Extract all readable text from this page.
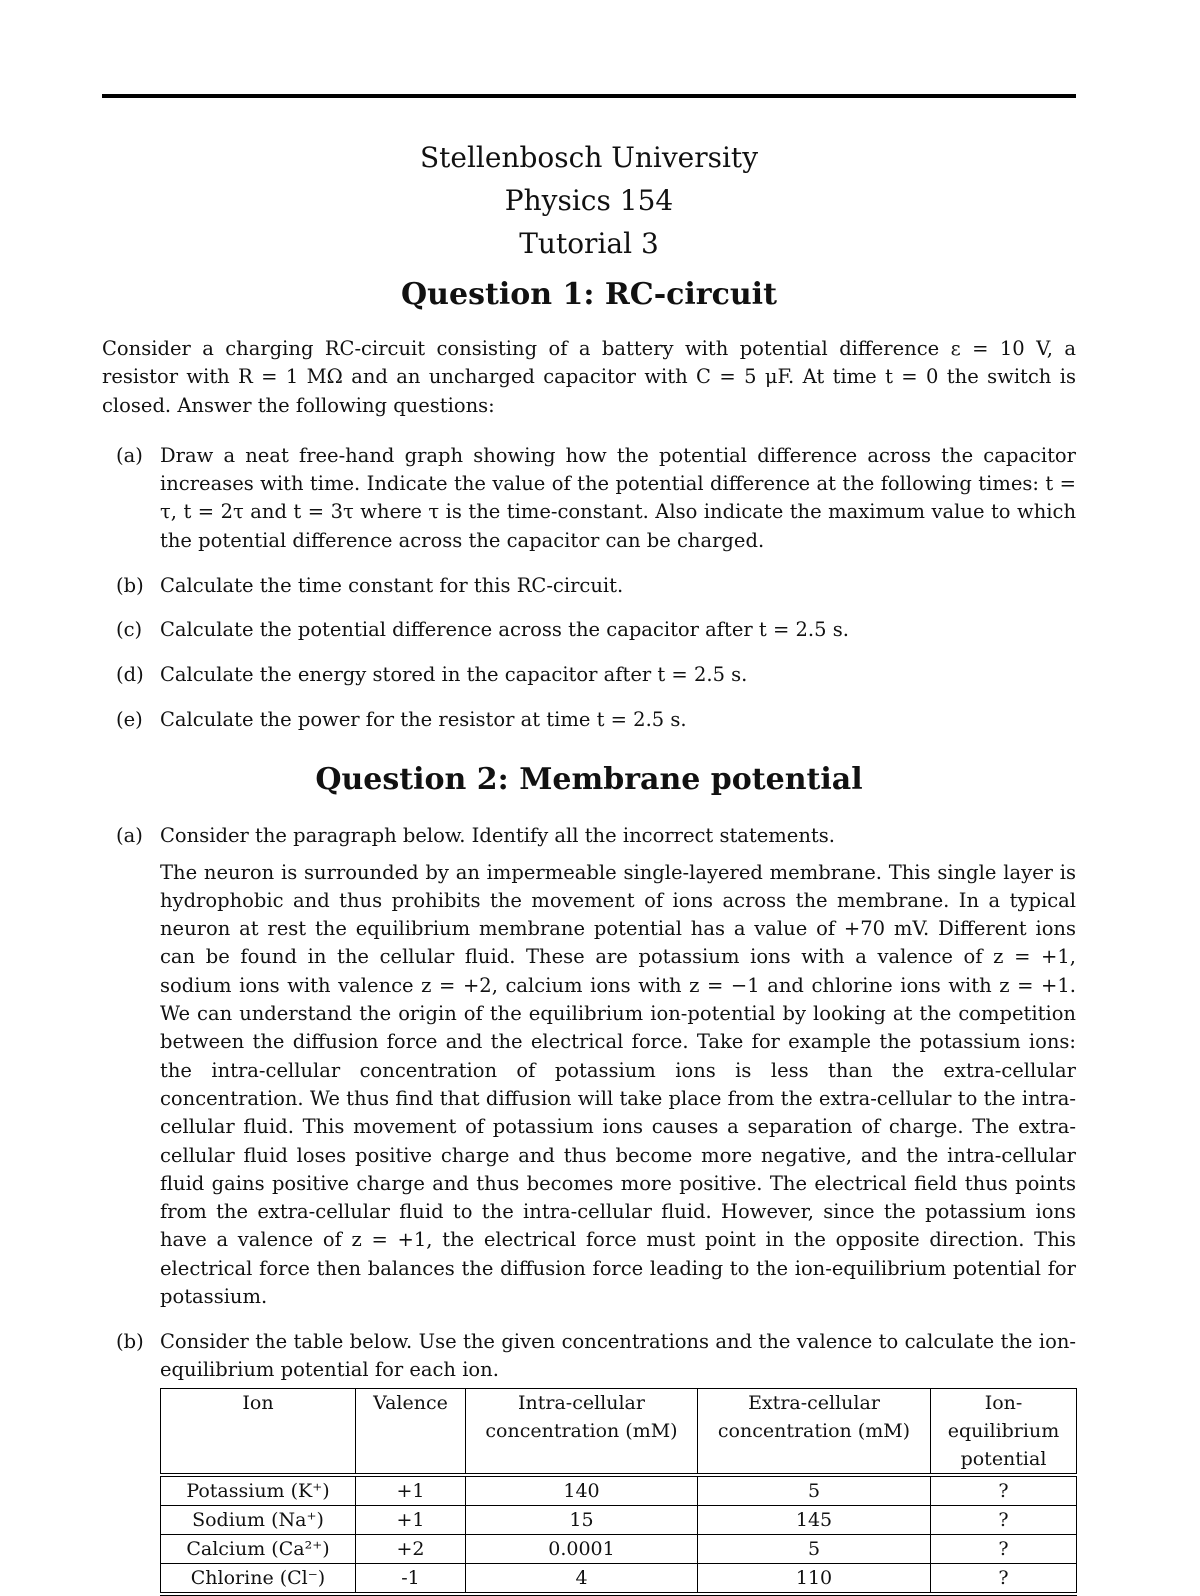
Stellenbosch University
Physics 154
Tutorial 3
Question 1: RC-circuit

Consider a charging RC-circuit consisting of a battery with potential difference ε = 10 V, a resistor with R = 1 MΩ and an uncharged capacitor with C = 5 μF. At time t = 0 the switch is closed. Answer the following questions:

(a) Draw a neat free-hand graph showing how the potential difference across the capacitor increases with time. Indicate the value of the potential difference at the following times: t = τ, t = 2τ and t = 3τ where τ is the time-constant. Also indicate the maximum value to which the potential difference across the capacitor can be charged.
(b) Calculate the time constant for this RC-circuit.
(c) Calculate the potential difference across the capacitor after t = 2.5 s.
(d) Calculate the energy stored in the capacitor after t = 2.5 s.
(e) Calculate the power for the resistor at time t = 2.5 s.
Question 2: Membrane potential
(a) Consider the paragraph below. Identify all the incorrect statements.

The neuron is surrounded by an impermeable single-layered membrane. This single layer is hydrophobic and thus prohibits the movement of ions across the membrane. In a typical neuron at rest the equilibrium membrane potential has a value of +70 mV. Different ions can be found in the cellular fluid. These are potassium ions with a valence of z = +1, sodium ions with valence z = +2, calcium ions with z = −1 and chlorine ions with z = +1. We can understand the origin of the equilibrium ion-potential by looking at the competition between the diffusion force and the electrical force. Take for example the potassium ions: the intra-cellular concentration of potassium ions is less than the extra-cellular concentration. We thus find that diffusion will take place from the extra-cellular to the intra-cellular fluid. This movement of potassium ions causes a separation of charge. The extra-cellular fluid loses positive charge and thus become more negative, and the intra-cellular fluid gains positive charge and thus becomes more positive. The electrical field thus points from the extra-cellular fluid to the intra-cellular fluid. However, since the potassium ions have a valence of z = +1, the electrical force must point in the opposite direction. This electrical force then balances the diffusion force leading to the ion-equilibrium potential for potassium.

(b) Consider the table below. Use the given concentrations and the valence to calculate the ion-equilibrium potential for each ion.
Ion	Valence	Intra-cellular concentration (mM)	Extra-cellular concentration (mM)	Ion-equilibrium potential
Potassium (K⁺)	+1	140	5	?
Sodium (Na⁺)	+1	15	145	?
Calcium (Ca²⁺)	+2	0.0001	5	?
Chlorine (Cl⁻)	-1	4	110	?
